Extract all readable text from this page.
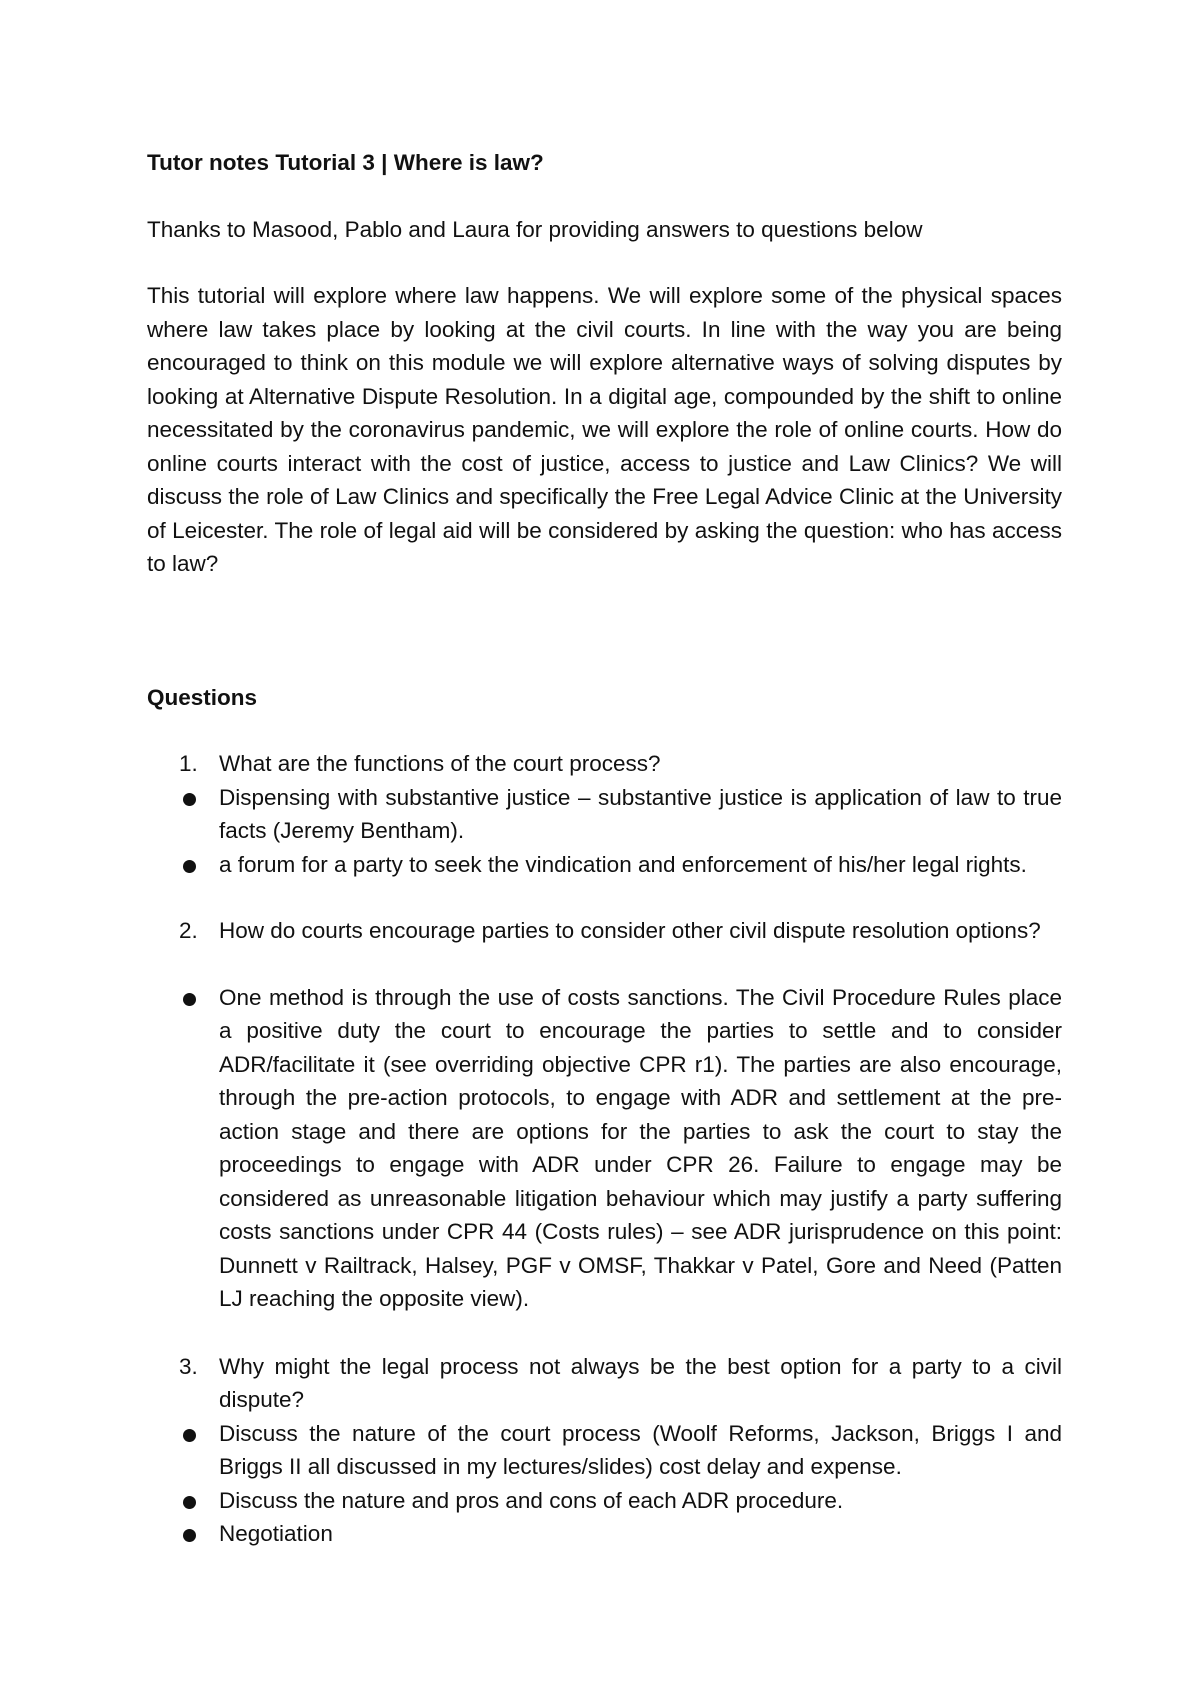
Tutor notes Tutorial 3 | Where is law?

Thanks to Masood, Pablo and Laura for providing answers to questions below

This tutorial will explore where law happens. We will explore some of the physical spaces where law takes place by looking at the civil courts. In line with the way you are being encouraged to think on this module we will explore alternative ways of solving disputes by looking at Alternative Dispute Resolution. In a digital age, compounded by the shift to online necessitated by the coronavirus pandemic, we will explore the role of online courts. How do online courts interact with the cost of justice, access to justice and Law Clinics? We will discuss the role of Law Clinics and specifically the Free Legal Advice Clinic at the University of Leicester. The role of legal aid will be considered by asking the question: who has access to law?

Questions

1. What are the functions of the court process?
Dispensing with substantive justice – substantive justice is application of law to true facts (Jeremy Bentham).
a forum for a party to seek the vindication and enforcement of his/her legal rights.
2. How do courts encourage parties to consider other civil dispute resolution options?
One method is through the use of costs sanctions. The Civil Procedure Rules place a positive duty the court to encourage the parties to settle and to consider ADR/facilitate it (see overriding objective CPR r1). The parties are also encourage, through the pre-action protocols, to engage with ADR and settlement at the pre-action stage and there are options for the parties to ask the court to stay the proceedings to engage with ADR under CPR 26. Failure to engage may be considered as unreasonable litigation behaviour which may justify a party suffering costs sanctions under CPR 44 (Costs rules) – see ADR jurisprudence on this point: Dunnett v Railtrack, Halsey, PGF v OMSF, Thakkar v Patel, Gore and Need (Patten LJ reaching the opposite view).
3. Why might the legal process not always be the best option for a party to a civil dispute?
Discuss the nature of the court process (Woolf Reforms, Jackson, Briggs I and Briggs II all discussed in my lectures/slides) cost delay and expense.
Discuss the nature and pros and cons of each ADR procedure.
Negotiation
